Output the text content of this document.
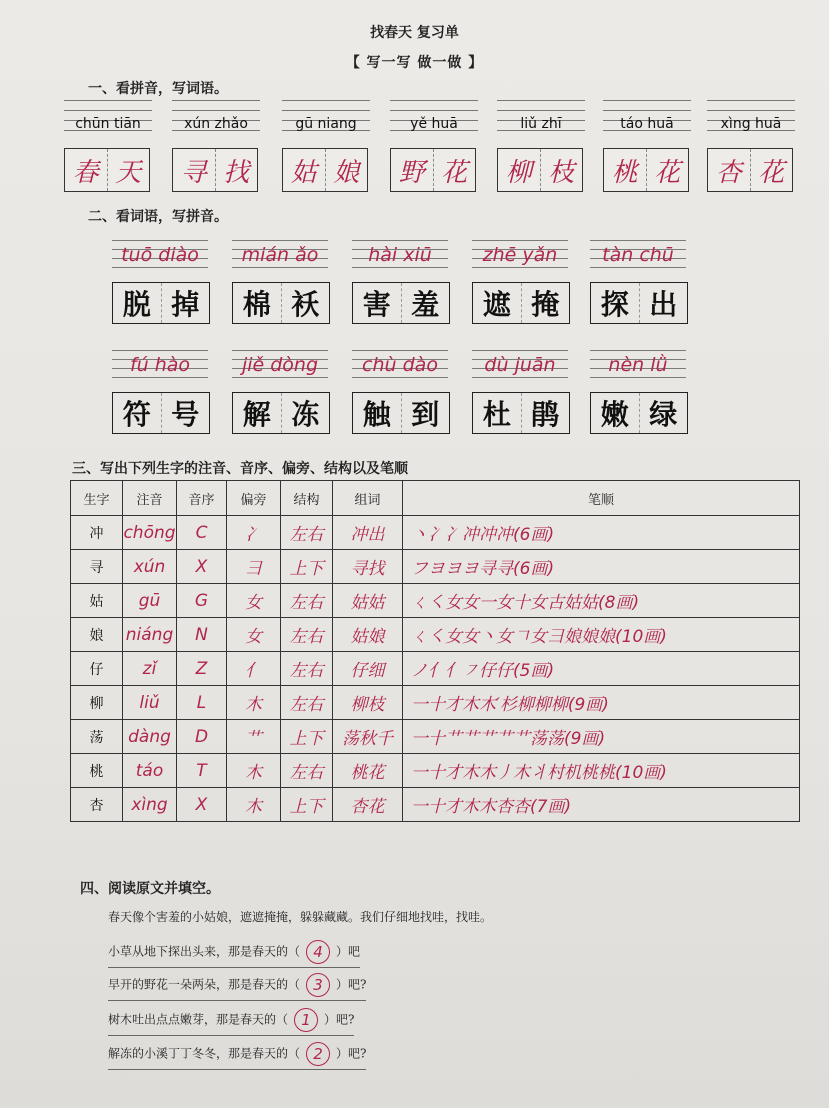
找春天 复习单
【 写一写 做一做 】
一、看拼音，写词语。
chūn tiān
春 天
xún zhǎo
寻 找
gū niang
姑 娘
yě huā
野 花
liǔ zhī
柳 枝
táo huā
桃 花
xìng huā
杏 花
二、看词语，写拼音。
tuō diào
脱 掉
mián ǎo
棉 袄
hài xiū
害 羞
zhē yǎn
遮 掩
tàn chū
探 出
fú hào
符 号
jiě dòng
解 冻
chù dào
触 到
dù juān
杜 鹃
nèn lǜ
嫩 绿
三、写出下列生字的注音、音序、偏旁、结构以及笔顺
生字	注音	音序	偏旁	结构	组词	笔顺
冲	chōng	C	冫	左右	冲出	丶冫冫冲冲冲(6画)
寻	xún	X	彐	上下	寻找	フヨヨヨ寻寻(6画)
姑	gū	G	女	左右	姑姑	ㄑ㇛女女一女十女古姑姑(8画)
娘	niáng	N	女	左右	姑娘	ㄑ㇛女女丶女𠃍女彐娘娘娘(10画)
仔	zǐ	Z	亻	左右	仔细	ノ亻亻㇇仔仔(5画)
柳	liǔ	L	木	左右	柳枝	一十才木木′杉柳柳柳(9画)
荡	dàng	D	艹	上下	荡秋千	一十艹艹艹艹艹荡荡(9画)
桃	táo	T	木	左右	桃花	一十才木木丿木丬村机桃桃(10画)
杏	xìng	X	木	上下	杏花	一十才木木杏杏(7画)
四、阅读原文并填空。
春天像个害羞的小姑娘，遮遮掩掩，躲躲藏藏。我们仔细地找哇，找哇。
小草从地下探出头来，那是春天的（ 4 ）吧
早开的野花一朵两朵，那是春天的（ 3 ）吧?
树木吐出点点嫩芽，那是春天的（ 1 ）吧?
解冻的小溪丁丁冬冬，那是春天的（ 2 ）吧?
